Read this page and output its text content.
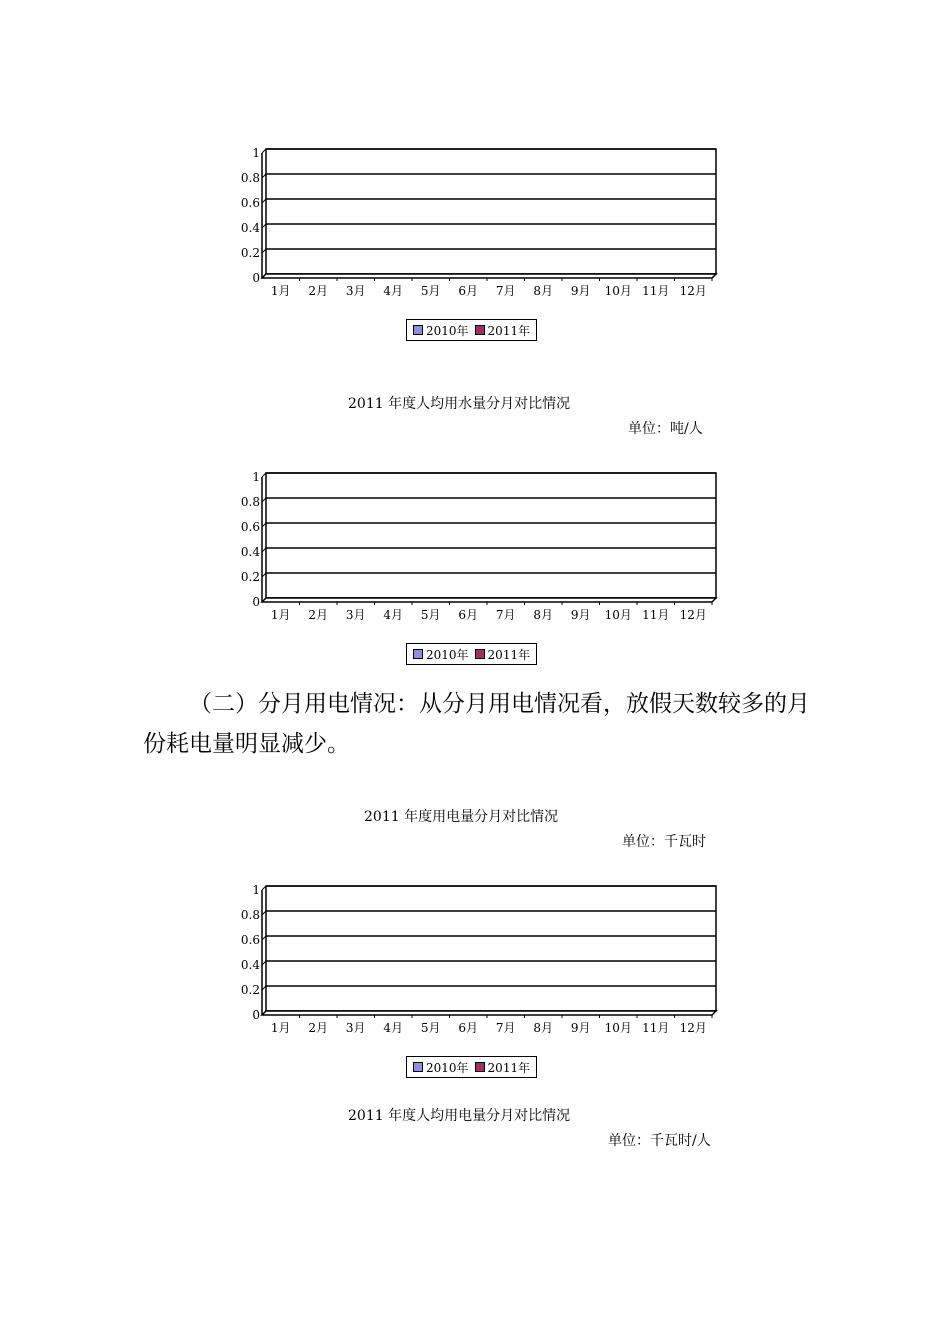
0
0.2
0.4
0.6
0.8
1
1月 2月 3月 4月 5月 6月 7月 8月 9月 10月 11月 12月
2010年 2011年
2011 年度人均用水量分月对比情况
单位：吨/人
0
0.2
0.4
0.6
0.8
1
1月 2月 3月 4月 5月 6月 7月 8月 9月 10月 11月 12月
2010年 2011年
（二）分月用电情况：从分月用电情况看，放假天数较多的月份耗电量明显减少。
2011 年度用电量分月对比情况
单位：千瓦时
0
0.2
0.4
0.6
0.8
1
1月 2月 3月 4月 5月 6月 7月 8月 9月 10月 11月 12月
2010年 2011年
2011 年度人均用电量分月对比情况
单位：千瓦时/人
